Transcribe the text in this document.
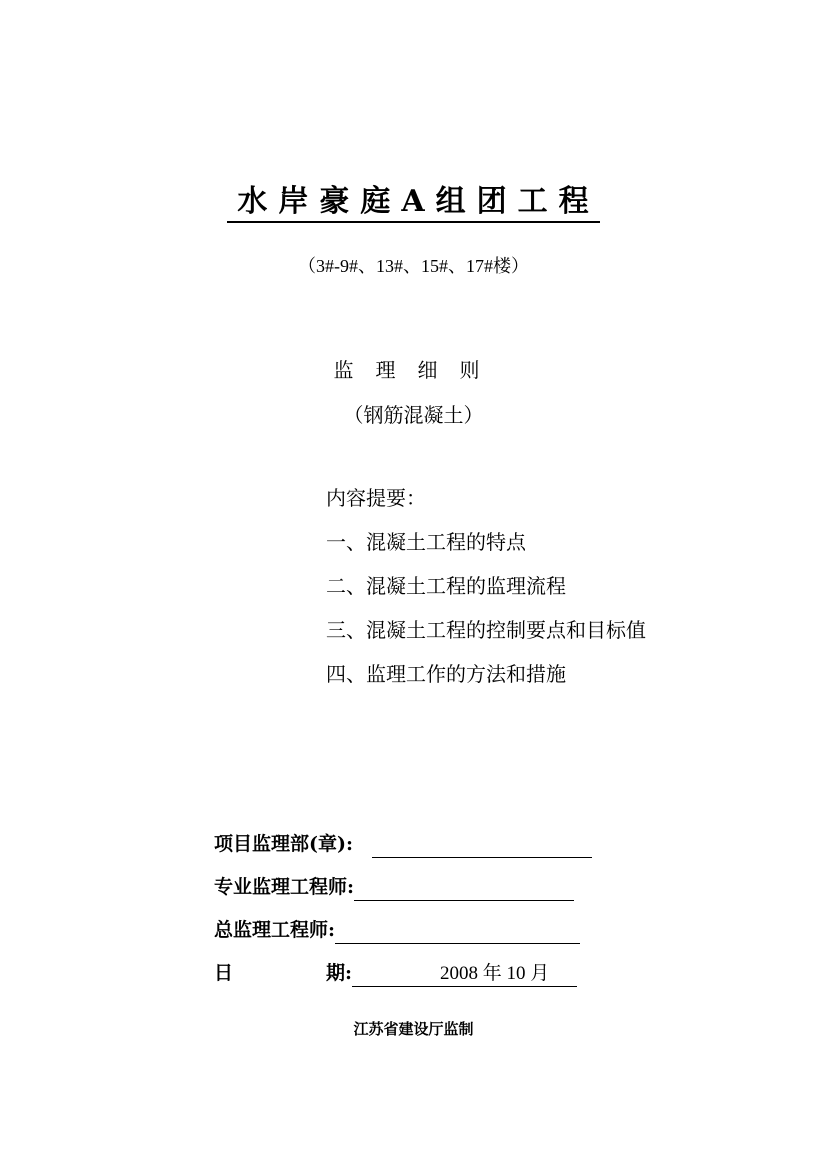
水岸豪庭A组团工程
（3#-9#、13#、15#、17#楼）
监理细则
（钢筋混凝土）
内容提要：
一、混凝土工程的特点
二、混凝土工程的监理流程
三、混凝土工程的控制要点和目标值
四、监理工作的方法和措施
项目监理部(章):
专业监理工程师:
总监理工程师:
日	期:	2008 年 10 月
江苏省建设厅监制
